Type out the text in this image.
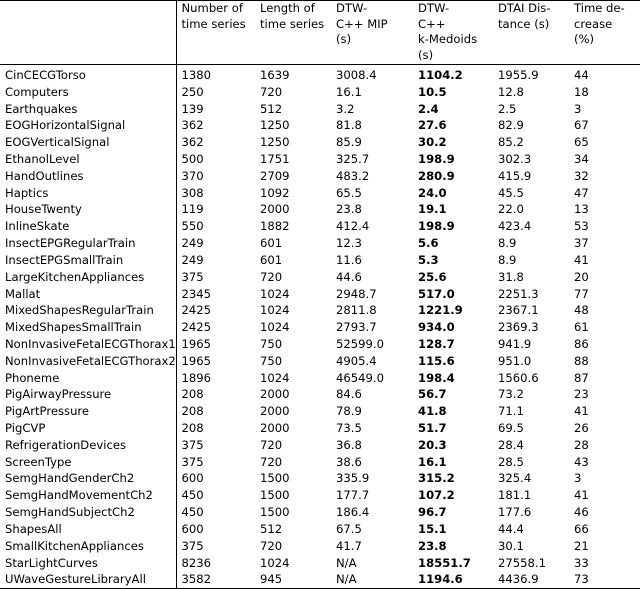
	Number of
time series	Length of
time series	DTW-
C++ MIP
(s)	DTW-
C++
k-Medoids
(s)	DTAI Dis-
tance (s)	Time de-
crease
(%)

CinCECGTorso	1380	1639	3008.4	1104.2	1955.9	44
Computers	250	720	16.1	10.5	12.8	18
Earthquakes	139	512	3.2	2.4	2.5	3
EOGHorizontalSignal	362	1250	81.8	27.6	82.9	67
EOGVerticalSignal	362	1250	85.9	30.2	85.2	65
EthanolLevel	500	1751	325.7	198.9	302.3	34
HandOutlines	370	2709	483.2	280.9	415.9	32
Haptics	308	1092	65.5	24.0	45.5	47
HouseTwenty	119	2000	23.8	19.1	22.0	13
InlineSkate	550	1882	412.4	198.9	423.4	53
InsectEPGRegularTrain	249	601	12.3	5.6	8.9	37
InsectEPGSmallTrain	249	601	11.6	5.3	8.9	41
LargeKitchenAppliances	375	720	44.6	25.6	31.8	20
Mallat	2345	1024	2948.7	517.0	2251.3	77
MixedShapesRegularTrain	2425	1024	2811.8	1221.9	2367.1	48
MixedShapesSmallTrain	2425	1024	2793.7	934.0	2369.3	61
NonInvasiveFetalECGThorax1	1965	750	52599.0	128.7	941.9	86
NonInvasiveFetalECGThorax2	1965	750	4905.4	115.6	951.0	88
Phoneme	1896	1024	46549.0	198.4	1560.6	87
PigAirwayPressure	208	2000	84.6	56.7	73.2	23
PigArtPressure	208	2000	78.9	41.8	71.1	41
PigCVP	208	2000	73.5	51.7	69.5	26
RefrigerationDevices	375	720	36.8	20.3	28.4	28
ScreenType	375	720	38.6	16.1	28.5	43
SemgHandGenderCh2	600	1500	335.9	315.2	325.4	3
SemgHandMovementCh2	450	1500	177.7	107.2	181.1	41
SemgHandSubjectCh2	450	1500	186.4	96.7	177.6	46
ShapesAll	600	512	67.5	15.1	44.4	66
SmallKitchenAppliances	375	720	41.7	23.8	30.1	21
StarLightCurves	8236	1024	N/A	18551.7	27558.1	33
UWaveGestureLibraryAll	3582	945	N/A	1194.6	4436.9	73
